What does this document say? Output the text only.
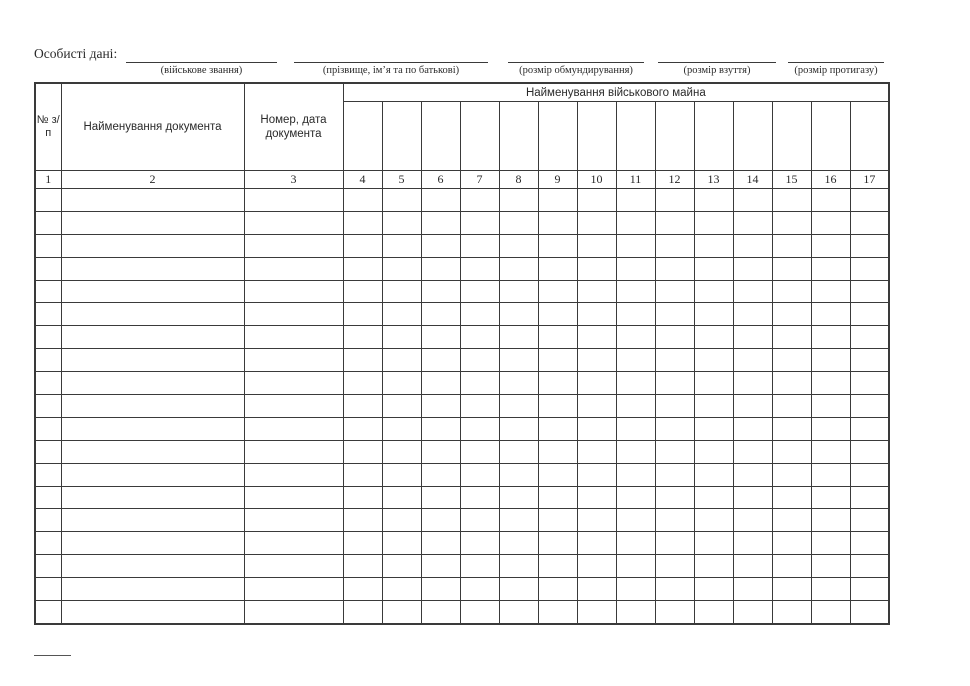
Особисті дані:
(військове звання)	(прізвище, ім’я та по батькові)	(розмір обмундирування)	(розмір взуття)	(розмір протигазу)
№ з/п	Найменування документа	Номер, дата документа	Найменування військового майна													

1	2	3	4	5	6	7	8	9	10	11	12	13	14	15	16	17
